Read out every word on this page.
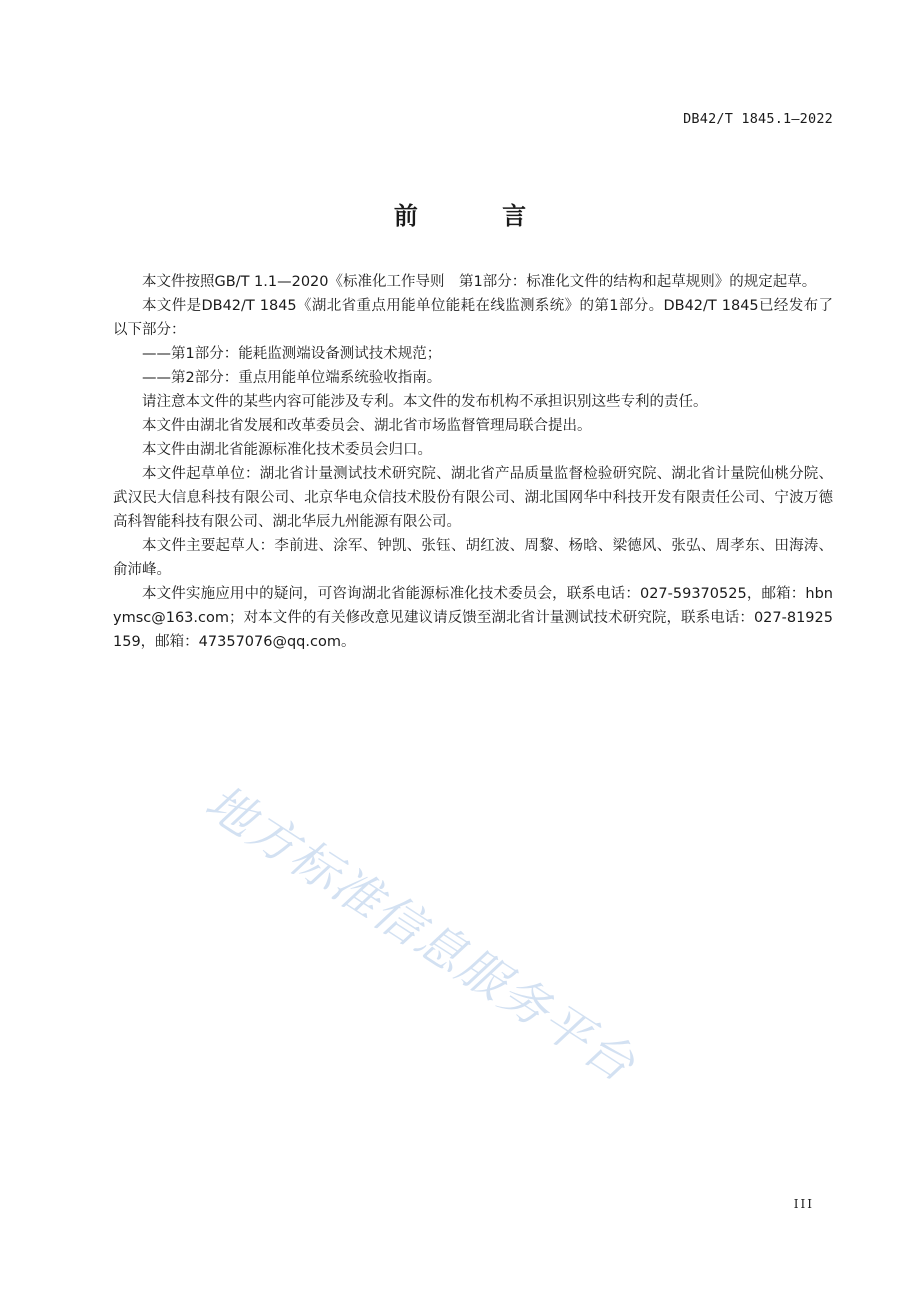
DB42/T 1845.1—2022
前 言

本文件按照GB/T 1.1—2020《标准化工作导则　第1部分：标准化文件的结构和起草规则》的规定起草。

本文件是DB42/T 1845《湖北省重点用能单位能耗在线监测系统》的第1部分。DB42/T 1845已经发布了以下部分：

——第1部分：能耗监测端设备测试技术规范；

——第2部分：重点用能单位端系统验收指南。

请注意本文件的某些内容可能涉及专利。本文件的发布机构不承担识别这些专利的责任。

本文件由湖北省发展和改革委员会、湖北省市场监督管理局联合提出。

本文件由湖北省能源标准化技术委员会归口。

本文件起草单位：湖北省计量测试技术研究院、湖北省产品质量监督检验研究院、湖北省计量院仙桃分院、武汉民大信息科技有限公司、北京华电众信技术股份有限公司、湖北国网华中科技开发有限责任公司、宁波万德高科智能科技有限公司、湖北华辰九州能源有限公司。

本文件主要起草人：李前进、涂军、钟凯、张钰、胡红波、周黎、杨晗、梁德风、张弘、周孝东、田海涛、俞沛峰。

本文件实施应用中的疑问，可咨询湖北省能源标准化技术委员会，联系电话：027-59370525，邮箱：hbnymsc@163.com；对本文件的有关修改意见建议请反馈至湖北省计量测试技术研究院，联系电话：027-81925159，邮箱：47357076@qq.com。

地方标准信息服务平台
III
